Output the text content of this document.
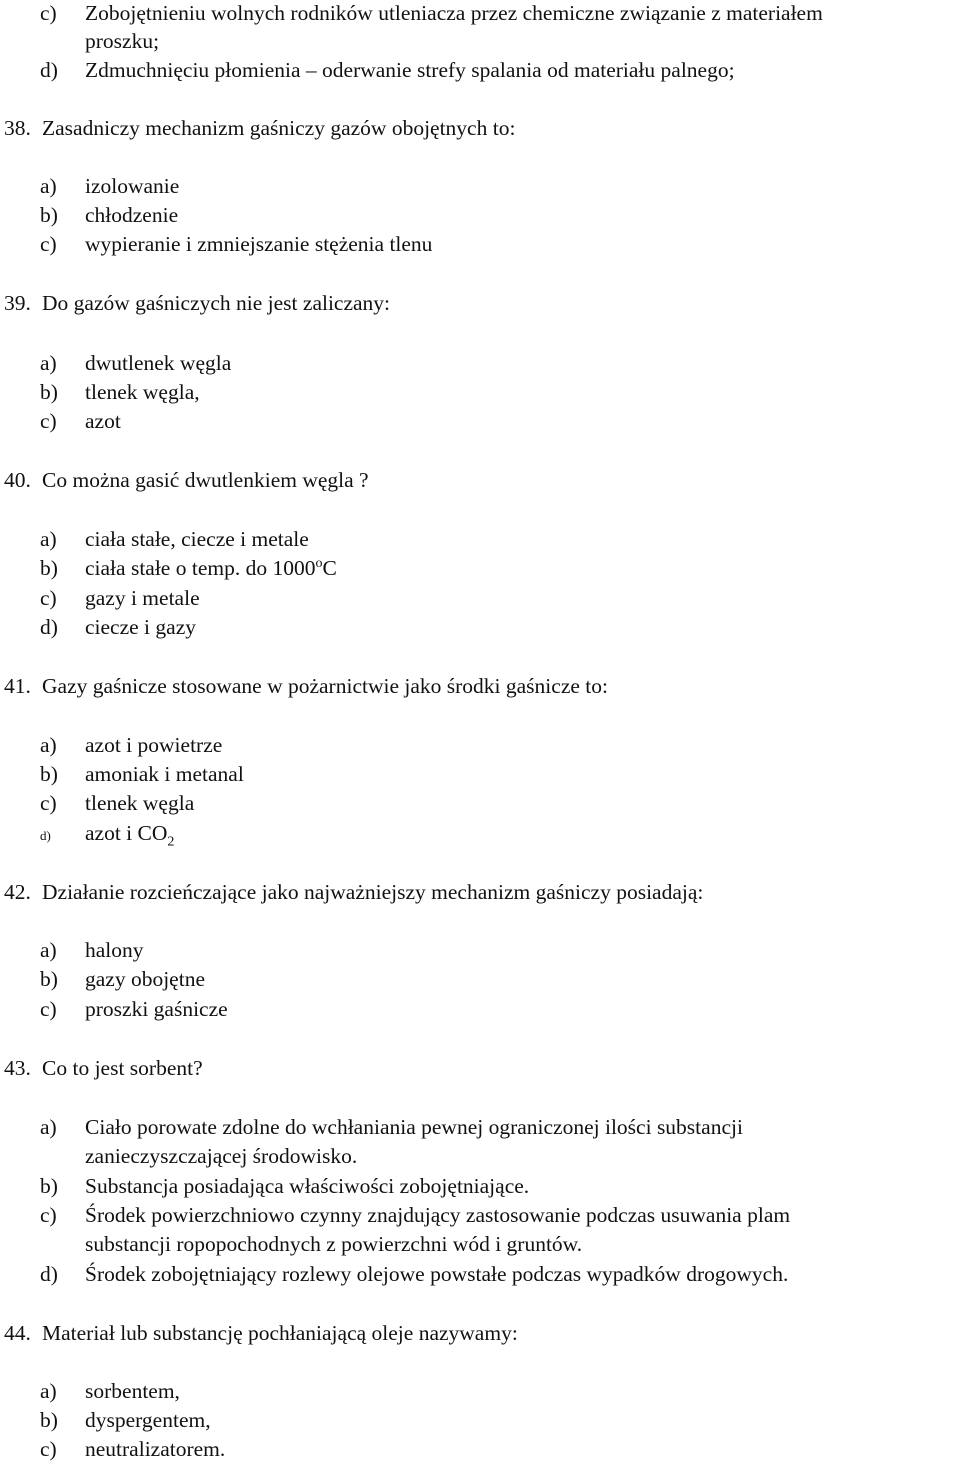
c) Zobojętnieniu wolnych rodników utleniacza przez chemiczne związanie z materiałem
proszku;
d) Zdmuchnięciu płomienia – oderwanie strefy spalania od materiału palnego;
38. Zasadniczy mechanizm gaśniczy gazów obojętnych to:
a) izolowanie
b) chłodzenie
c) wypieranie i zmniejszanie stężenia tlenu
39. Do gazów gaśniczych nie jest zaliczany:
a) dwutlenek węgla
b) tlenek węgla,
c) azot
40. Co można gasić dwutlenkiem węgla ?
a) ciała stałe, ciecze i metale
b) ciała stałe o temp. do 1000$^o$C
c) gazy i metale
d) ciecze i gazy
41. Gazy gaśnicze stosowane w pożarnictwie jako środki gaśnicze to:
a) azot i powietrze
b) amoniak i metanal
c) tlenek węgla
d) azot i $CO_2$
42. Działanie rozcieńczające jako najważniejszy mechanizm gaśniczy posiadają:
a) halony
b) gazy obojętne
c) proszki gaśnicze
43. Co to jest sorbent?
a) Ciało porowate zdolne do wchłaniania pewnej ograniczonej ilości substancji
zanieczyszczającej środowisko.
b) Substancja posiadająca właściwości zobojętniające.
c) Środek powierzchniowo czynny znajdujący zastosowanie podczas usuwania plam
substancji ropopochodnych z powierzchni wód i gruntów.
d) Środek zobojętniający rozlewy olejowe powstałe podczas wypadków drogowych.
44. Materiał lub substancję pochłaniającą oleje nazywamy:
a) sorbentem,
b) dyspergentem,
c) neutralizatorem.
